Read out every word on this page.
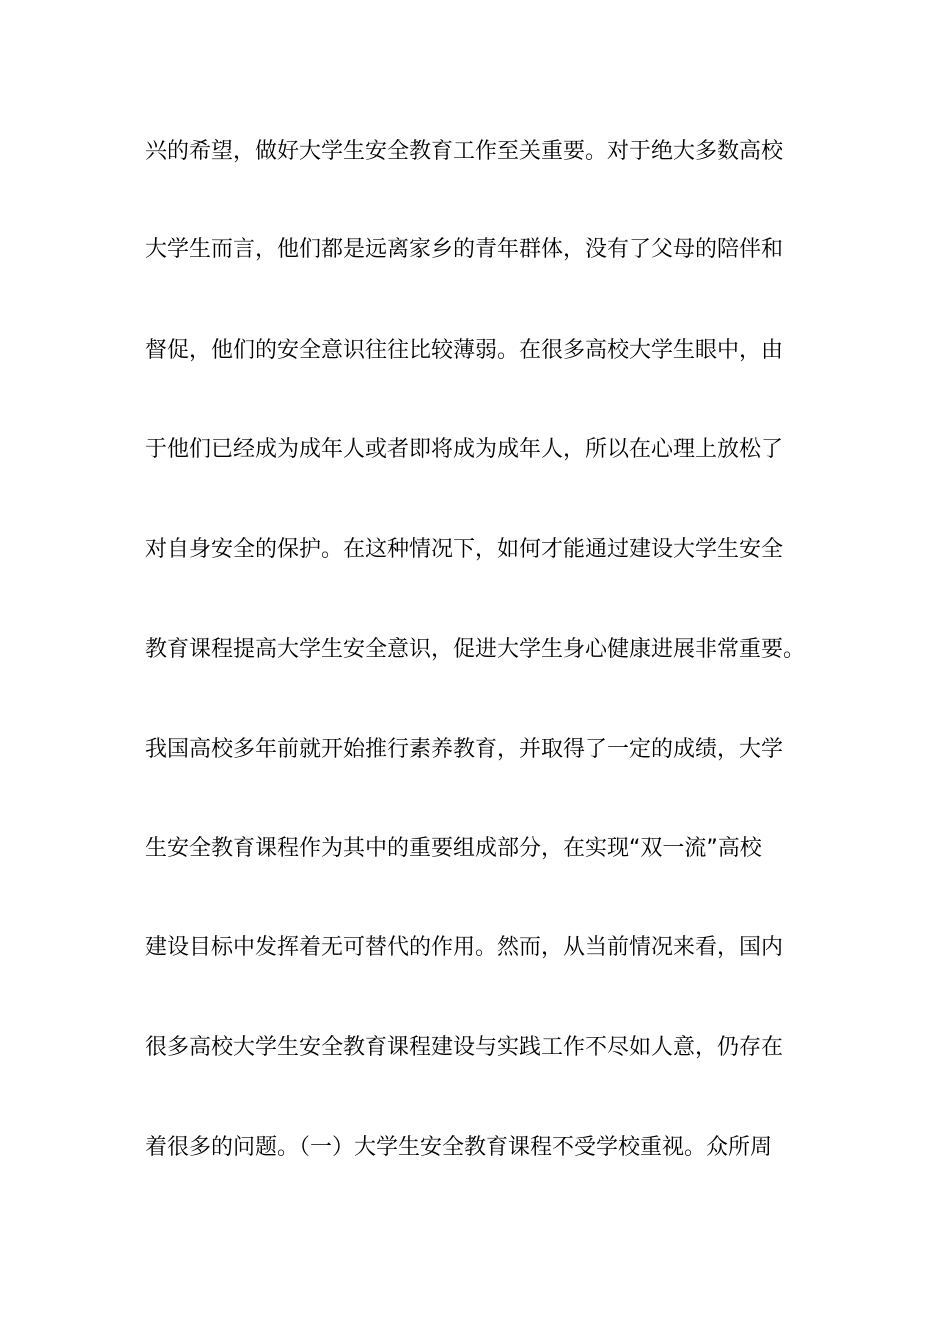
兴的希望，做好大学生安全教育工作至关重要。对于绝大多数高校
大学生而言，他们都是远离家乡的青年群体，没有了父母的陪伴和
督促，他们的安全意识往往比较薄弱。在很多高校大学生眼中，由
于他们已经成为成年人或者即将成为成年人，所以在心理上放松了
对自身安全的保护。在这种情况下，如何才能通过建设大学生安全
教育课程提高大学生安全意识，促进大学生身心健康进展非常重要。
我国高校多年前就开始推行素养教育，并取得了一定的成绩，大学
生安全教育课程作为其中的重要组成部分，在实现“双一流”高校
建设目标中发挥着无可替代的作用。然而，从当前情况来看，国内
很多高校大学生安全教育课程建设与实践工作不尽如人意，仍存在
着很多的问题。（一）大学生安全教育课程不受学校重视。众所周
